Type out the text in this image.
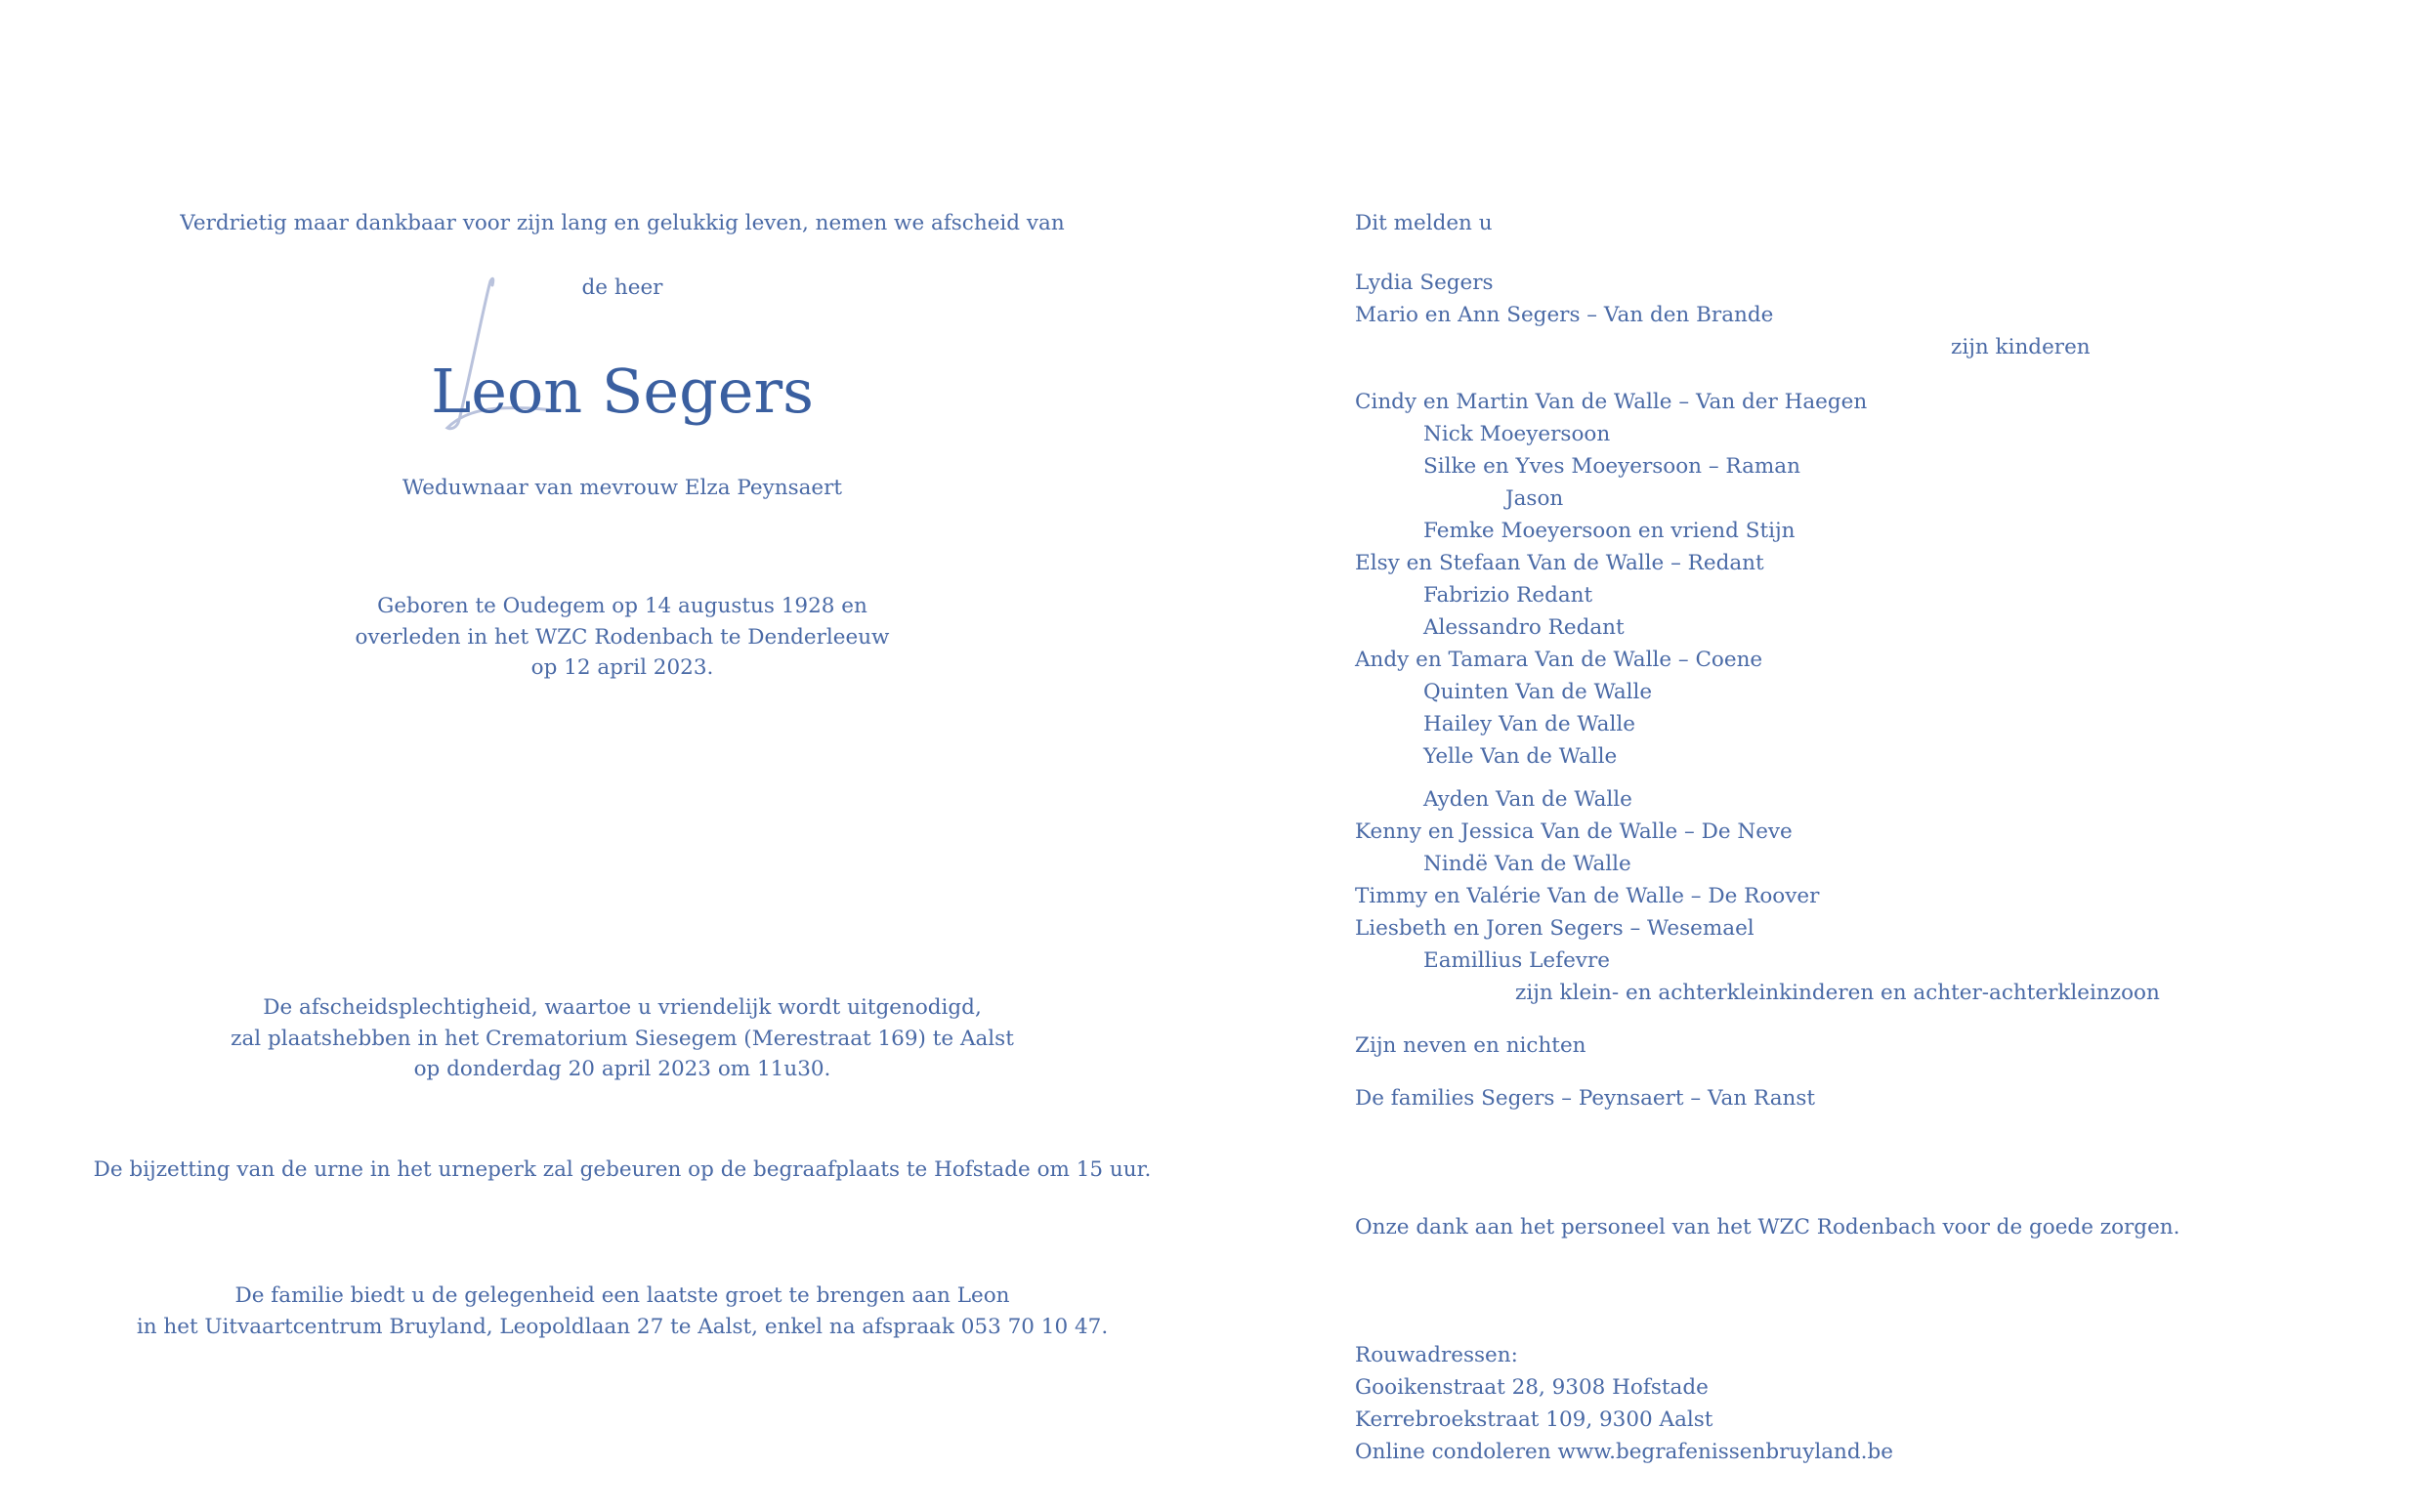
Verdrietig maar dankbaar voor zijn lang en gelukkig leven, nemen we afscheid van
de heer
Leon Segers
Weduwnaar van mevrouw Elza Peynsaert
Geboren te Oudegem op 14 augustus 1928 en
overleden in het WZC Rodenbach te Denderleeuw
op 12 april 2023.
De afscheidsplechtigheid, waartoe u vriendelijk wordt uitgenodigd,
zal plaatshebben in het Crematorium Siesegem (Merestraat 169) te Aalst
op donderdag 20 april 2023 om 11u30.
De bijzetting van de urne in het urneperk zal gebeuren op de begraafplaats te Hofstade om 15 uur.
De familie biedt u de gelegenheid een laatste groet te brengen aan Leon
in het Uitvaartcentrum Bruyland, Leopoldlaan 27 te Aalst, enkel na afspraak 053 70 10 47.
Dit melden u
Lydia Segers
Mario en Ann Segers – Van den Brande
zijn kinderen
Cindy en Martin Van de Walle – Van der Haegen
Nick Moeyersoon
Silke en Yves Moeyersoon – Raman
Jason
Femke Moeyersoon en vriend Stijn
Elsy en Stefaan Van de Walle – Redant
Fabrizio Redant
Alessandro Redant
Andy en Tamara Van de Walle – Coene
Quinten Van de Walle
Hailey Van de Walle
Yelle Van de Walle
Ayden Van de Walle
Kenny en Jessica Van de Walle – De Neve
Nindë Van de Walle
Timmy en Valérie Van de Walle – De Roover
Liesbeth en Joren Segers – Wesemael
Eamillius Lefevre
zijn klein- en achterkleinkinderen en achter-achterkleinzoon
Zijn neven en nichten
De families Segers – Peynsaert – Van Ranst
Onze dank aan het personeel van het WZC Rodenbach voor de goede zorgen.
Rouwadressen:
Gooikenstraat 28, 9308 Hofstade
Kerrebroekstraat 109, 9300 Aalst
Online condoleren www.begrafenissenbruyland.be
